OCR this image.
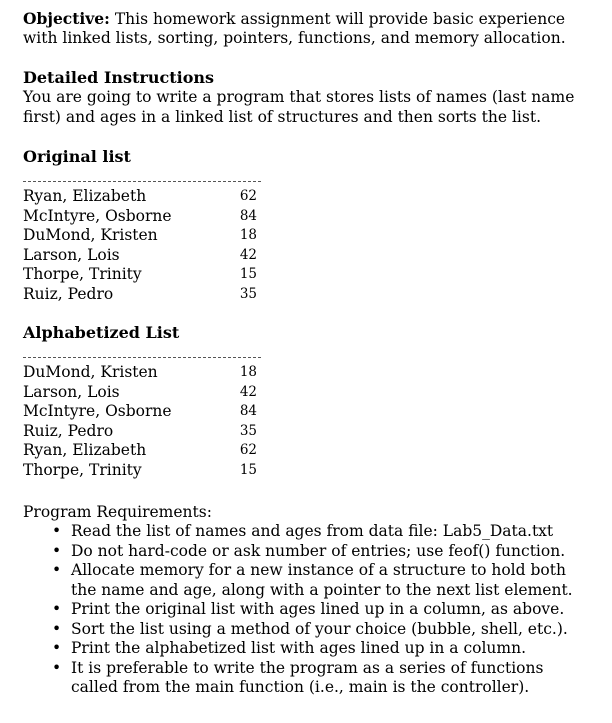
Objective: This homework assignment will provide basic experience
with linked lists, sorting, pointers, functions, and memory allocation.
Detailed Instructions
You are going to write a program that stores lists of names (last name
first) and ages in a linked list of structures and then sorts the list.
Original list
Ryan, Elizabeth	62
McIntyre, Osborne	84
DuMond, Kristen	18
Larson, Lois	42
Thorpe, Trinity	15
Ruiz, Pedro	35
Alphabetized List
DuMond, Kristen	18
Larson, Lois	42
McIntyre, Osborne	84
Ruiz, Pedro	35
Ryan, Elizabeth	62
Thorpe, Trinity	15
Program Requirements:
• Read the list of names and ages from data file: Lab5_Data.txt
• Do not hard-code or ask number of entries; use feof() function.
• Allocate memory for a new instance of a structure to hold both
the name and age, along with a pointer to the next list element.
• Print the original list with ages lined up in a column, as above.
• Sort the list using a method of your choice (bubble, shell, etc.).
• Print the alphabetized list with ages lined up in a column.
• It is preferable to write the program as a series of functions
called from the main function (i.e., main is the controller).
